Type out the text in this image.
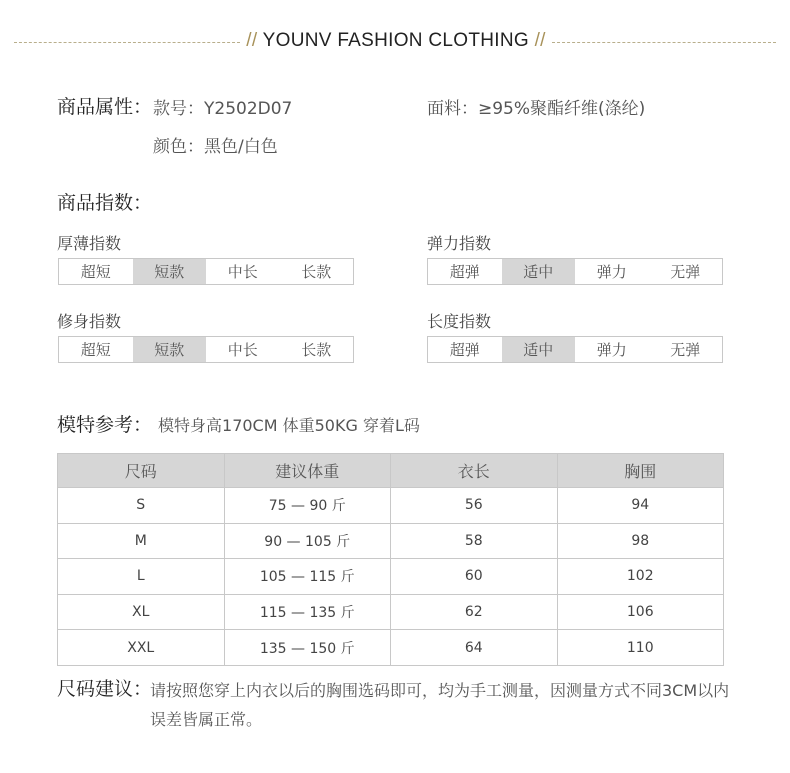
// YOUNV FASHION CLOTHING //
商品属性： 款号：Y2502D07	面料：≥95%聚酯纤维(涤纶)
颜色：黑色/白色
商品指数：
厚薄指数
超短	短款	中长	长款
弹力指数
超弹	适中	弹力	无弹
修身指数
超短	短款	中长	长款
长度指数
超弹	适中	弹力	无弹
模特参考： 模特身高170CM 体重50KG 穿着L码
尺码	建议体重	衣长	胸围
S	75 — 90 斤	56	94
M	90 — 105 斤	58	98
L	105 — 115 斤	60	102
XL	115 — 135 斤	62	106
XXL	135 — 150 斤	64	110
尺码建议：
请按照您穿上内衣以后的胸围选码即可，均为手工测量，因测量方式不同3CM以内误差皆属正常。
